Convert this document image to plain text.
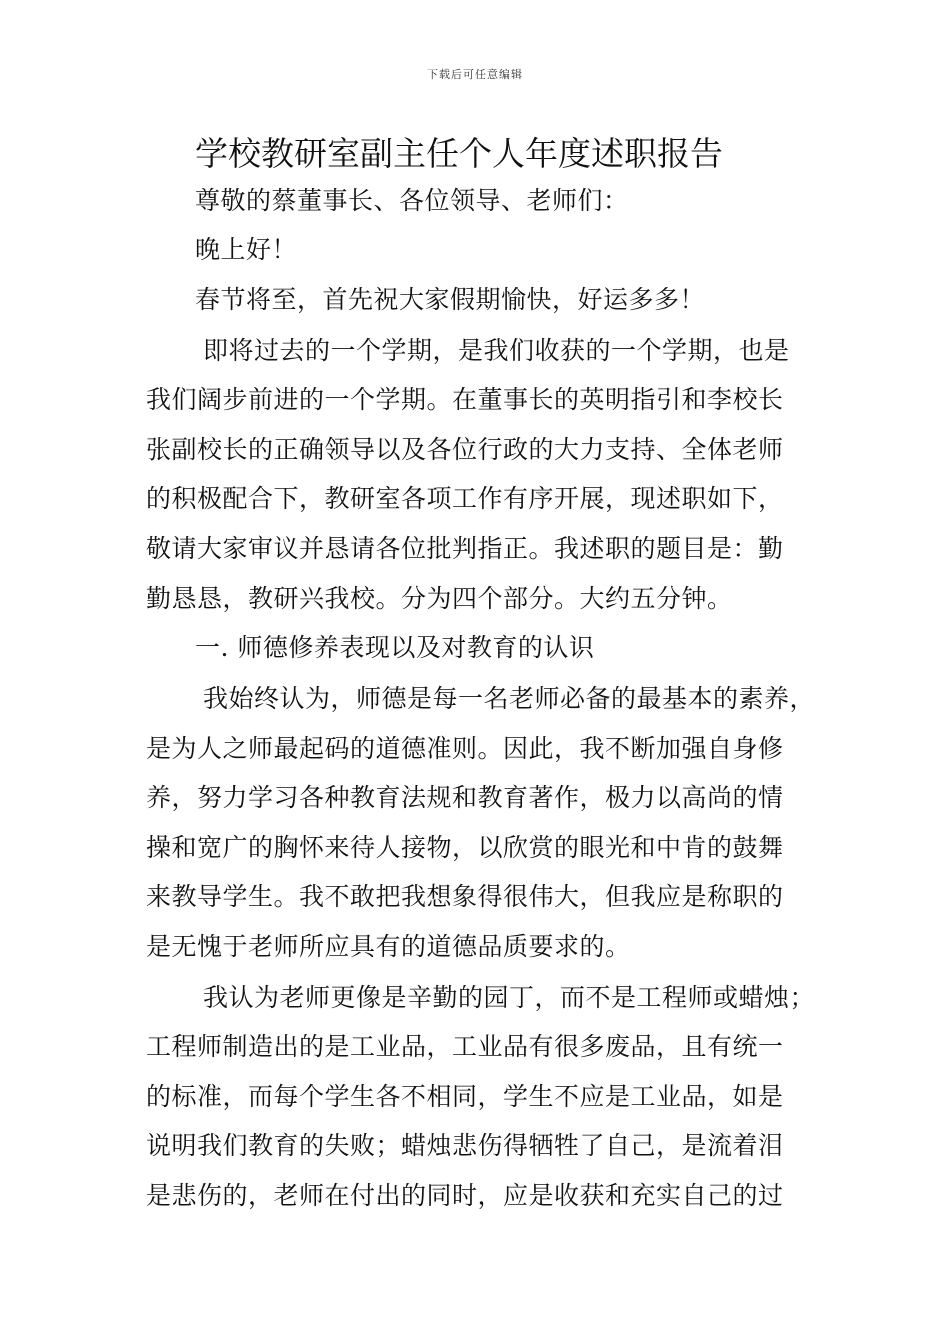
下载后可任意编辑
学校教研室副主任个人年度述职报告
尊敬的蔡董事长、各位领导、老师们：
晚上好！
春节将至，首先祝大家假期愉快，好运多多！
即将过去的一个学期，是我们收获的一个学期，也是
我们阔步前进的一个学期。在董事长的英明指引和李校长
张副校长的正确领导以及各位行政的大力支持、全体老师
的积极配合下，教研室各项工作有序开展，现述职如下，
敬请大家审议并恳请各位批判指正。我述职的题目是：勤
勤恳恳，教研兴我校。分为四个部分。大约五分钟。
一. 师德修养表现以及对教育的认识
我始终认为，师德是每一名老师必备的最基本的素养，
是为人之师最起码的道德准则。因此，我不断加强自身修
养，努力学习各种教育法规和教育著作，极力以高尚的情
操和宽广的胸怀来待人接物，以欣赏的眼光和中肯的鼓舞
来教导学生。我不敢把我想象得很伟大，但我应是称职的
是无愧于老师所应具有的道德品质要求的。
我认为老师更像是辛勤的园丁，而不是工程师或蜡烛；
工程师制造出的是工业品，工业品有很多废品，且有统一
的标准，而每个学生各不相同，学生不应是工业品，如是
说明我们教育的失败；蜡烛悲伤得牺牲了自己，是流着泪
是悲伤的，老师在付出的同时，应是收获和充实自己的过
